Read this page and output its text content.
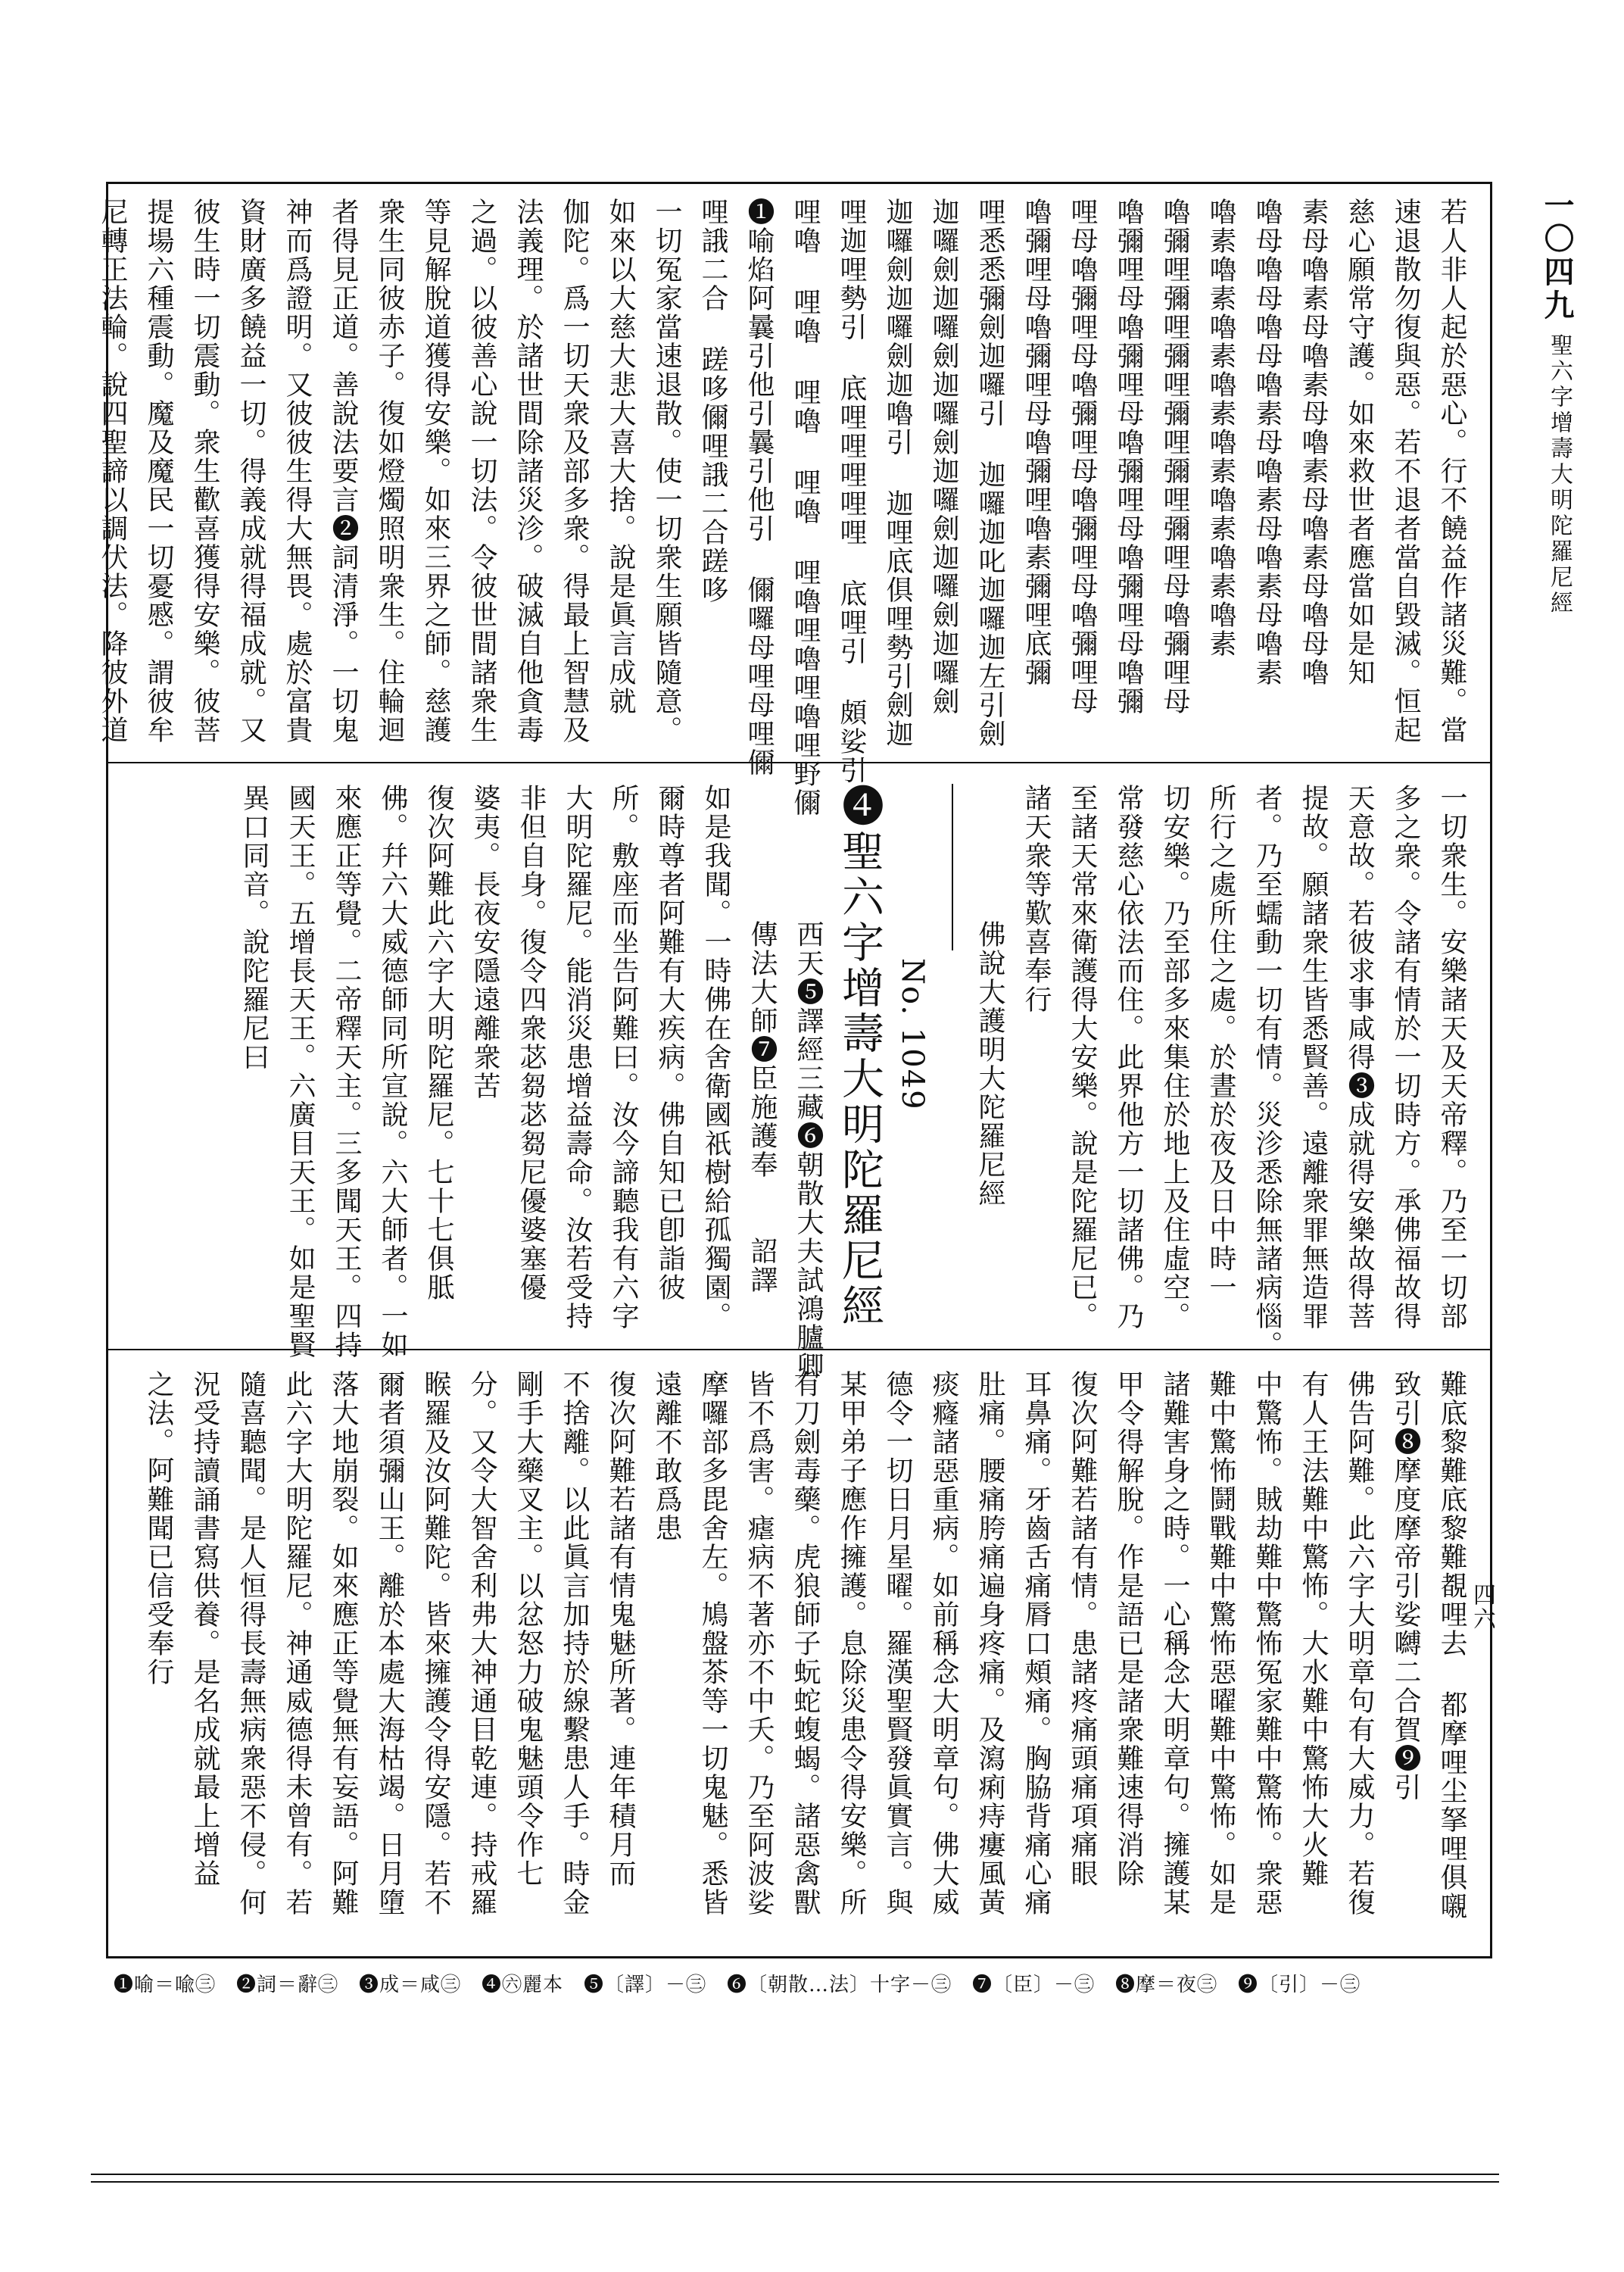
一〇四九
聖六字增壽大明陀羅尼經
四六
若人非人起於惡心。行不饒益作諸災難。當
速退散勿復與惡。若不退者當自毀滅。恒起
慈心願常守護。如來救世者應當如是知
素母嚕素母嚕素母嚕素母嚕素母嚕母嚕
嚕母嚕母嚕母嚕素母嚕素母嚕素母嚕素
嚕素嚕素嚕素嚕素嚕素嚕素嚕素嚕素
嚕彌哩彌哩彌哩彌哩彌哩彌哩母嚕彌哩母
嚕彌哩母嚕彌哩母嚕彌哩母嚕彌哩母嚕彌
哩母嚕彌哩母嚕彌哩母嚕彌哩母嚕彌哩母
嚕彌哩母嚕彌哩母嚕彌哩嚕素彌哩底彌
哩悉悉彌劍迦囉引 迦囉迦叱迦囉迦左引劍
迦囉劍迦囉劍迦囉劍迦囉劍迦囉劍迦囉劍
迦囉劍迦囉劍迦嚕引 迦哩底俱哩勢引劍迦
哩迦哩勢引 底哩哩哩哩哩 底哩引 頗娑引
哩嚕 哩嚕 哩嚕 哩嚕 哩嚕哩嚕哩嚕哩野儞
❶喻焰阿曩引他引曩引他引 儞囉母哩母哩儞
哩誐二合 蹉哆儞哩誐二合蹉哆
一切冤家當速退散。使一切衆生願皆隨意。
如來以大慈大悲大喜大捨。說是眞言成就
伽陀。爲一切天衆及部多衆。得最上智慧及
法義理。於諸世間除諸災沴。破滅自他貪毒
之過。以彼善心說一切法。令彼世間諸衆生
等見解脫道獲得安樂。如來三界之師。慈護
衆生同彼赤子。復如燈燭照明衆生。住輪迴
者得見正道。善說法要言❷詞清淨。一切鬼
神而爲證明。又彼彼生得大無畏。處於富貴
資財廣多饒益一切。得義成就得福成就。又
彼生時一切震動。衆生歡喜獲得安樂。彼菩
提場六種震動。魔及魔民一切憂慼。謂彼牟
尼轉正法輪。說四聖諦以調伏法。降彼外道
一切衆生。安樂諸天及天帝釋。乃至一切部
多之衆。令諸有情於一切時方。承佛福故得
天意故。若彼求事咸得❸成就得安樂故得菩
提故。願諸衆生皆悉賢善。遠離衆罪無造罪
者。乃至蠕動一切有情。災沴悉除無諸病惱。
所行之處所住之處。於晝於夜及日中時一
切安樂。乃至部多來集住於地上及住虛空。
常發慈心依法而住。此界他方一切諸佛。乃
至諸天常來衛護得大安樂。說是陀羅尼已。
諸天衆等歎喜奉行
佛說大護明大陀羅尼經
No. 1049
❹聖六字增壽大明陀羅尼經
西天❺譯經三藏❻朝散大夫試鴻臚卿
傳法大師❼臣施護奉　　詔譯
如是我聞。一時佛在舍衛國祇樹給孤獨園。
爾時尊者阿難有大疾病。佛自知已卽詣彼
所。敷座而坐告阿難曰。汝今諦聽我有六字
大明陀羅尼。能消災患增益壽命。汝若受持
非但自身。復令四衆苾芻苾芻尼優婆塞優
婆夷。長夜安隱遠離衆苦
復次阿難此六字大明陀羅尼。七十七俱胝
佛。幷六大威德師同所宣說。六大師者。一如
來應正等覺。二帝釋天主。三多聞天王。四持
國天王。五增長天王。六廣目天王。如是聖賢
異口同音。說陀羅尼曰
難底黎難底黎難覩哩去 都摩哩尘拏哩俱嚫
致引❽摩度摩帝引娑嚩二合賀❾引
佛告阿難。此六字大明章句有大威力。若復
有人王法難中驚怖。大水難中驚怖大火難
中驚怖。賊劫難中驚怖冤家難中驚怖。衆惡
難中驚怖鬪戰難中驚怖惡曜難中驚怖。如是
諸難害身之時。一心稱念大明章句。擁護某
甲令得解脫。作是語已是諸衆難速得消除
復次阿難若諸有情。患諸疼痛頭痛項痛眼
耳鼻痛。牙齒舌痛脣口頰痛。胸脇背痛心痛
肚痛。腰痛胯痛遍身疼痛。及瀉痢痔瘻風黃
痰癃諸惡重病。如前稱念大明章句。佛大威
德令一切日月星曜。羅漢聖賢發眞實言。與
某甲弟子應作擁護。息除災患令得安樂。所
有刀劍毒藥。虎狼師子蚖蛇蝮蝎。諸惡禽獸
皆不爲害。瘧病不著亦不中夭。乃至阿波娑
摩囉部多毘舍左。鳩盤茶等一切鬼魅。悉皆
遠離不敢爲患
復次阿難若諸有情鬼魅所著。連年積月而
不捨離。以此眞言加持於線繫患人手。時金
剛手大藥叉主。以忿怒力破鬼魅頭令作七
分。又令大智舍利弗大神通目乾連。持戒羅
睺羅及汝阿難陀。皆來擁護令得安隱。若不
爾者須彌山王。離於本處大海枯竭。日月墮
落大地崩裂。如來應正等覺無有妄語。阿難
此六字大明陀羅尼。神通威德得未曾有。若
隨喜聽聞。是人恒得長壽無病衆惡不侵。何
況受持讀誦書寫供養。是名成就最上增益
之法。阿難聞已信受奉行
❶喻＝喩㊂　❷詞＝辭㊂　❸成＝咸㊂　❹㊅麗本　❺〔譯〕－㊂　❻〔朝散…法〕十字－㊂　❼〔臣〕－㊂　❽摩＝夜㊂　❾〔引〕－㊂
